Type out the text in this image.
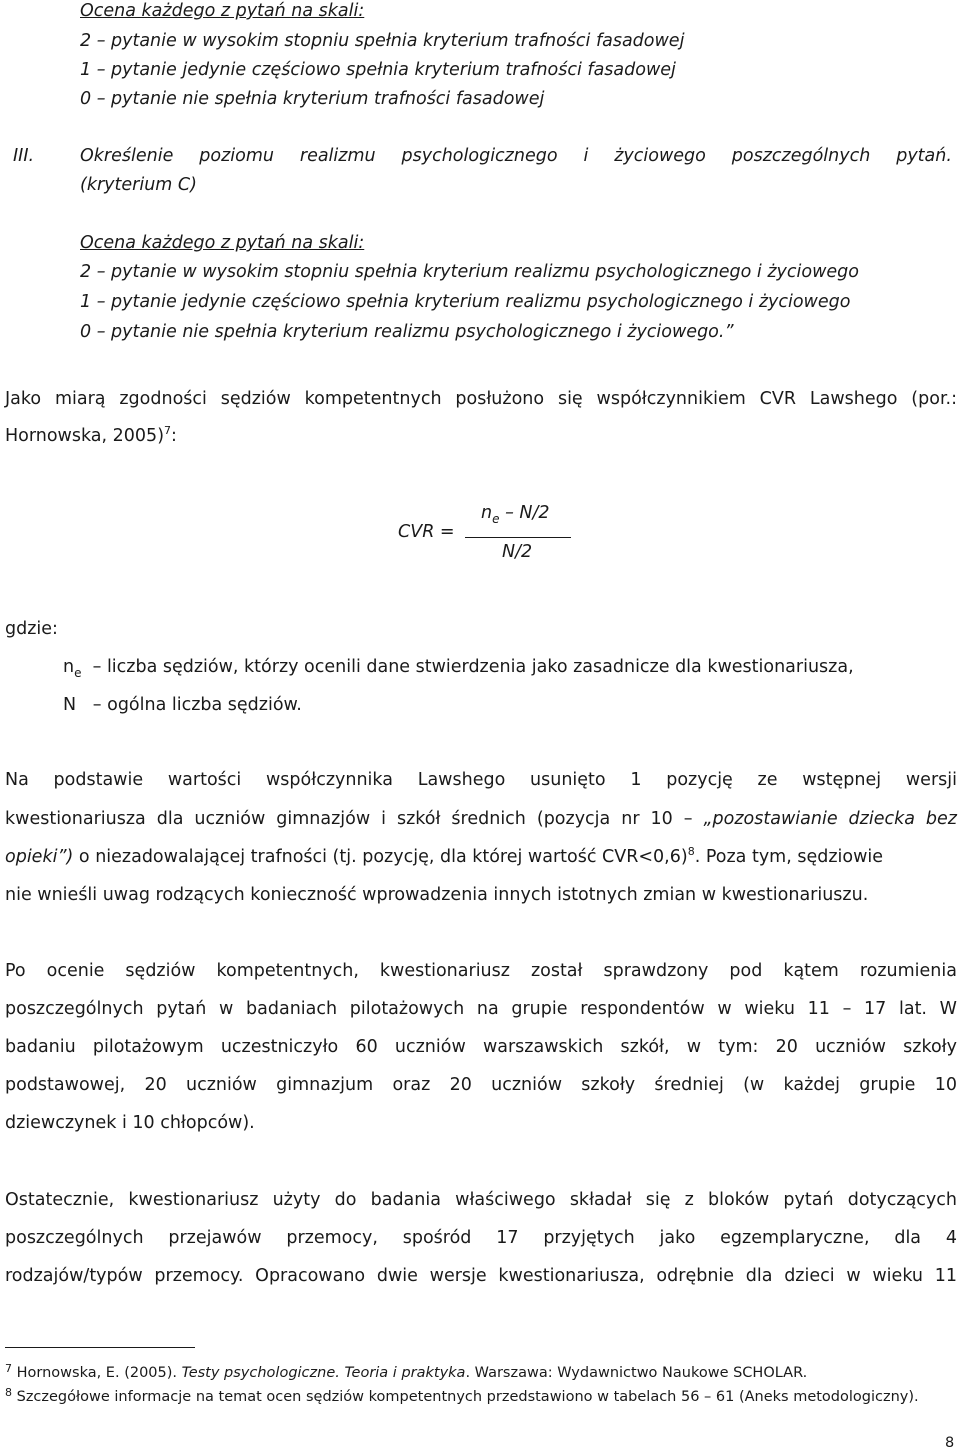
Ocena każdego z pytań na skali:
2 – pytanie w wysokim stopniu spełnia kryterium trafności fasadowej
1 – pytanie jedynie częściowo spełnia kryterium trafności fasadowej
0 – pytanie nie spełnia kryterium trafności fasadowej
III.	Określenie poziomu realizmu psychologicznego i życiowego poszczególnych pytań.
(kryterium C)
Ocena każdego z pytań na skali:
2 – pytanie w wysokim stopniu spełnia kryterium realizmu psychologicznego i życiowego
1 – pytanie jedynie częściowo spełnia kryterium realizmu psychologicznego i życiowego
0 – pytanie nie spełnia kryterium realizmu psychologicznego i życiowego.”
Jako miarą zgodności sędziów kompetentnych posłużono się współczynnikiem CVR Lawshego (por.:
Hornowska, 2005)$^7$:
CVR =
$n_e - N/2$
N/2
gdzie:
$n_e$ – liczba sędziów, którzy ocenili dane stwierdzenia jako zasadnicze dla kwestionariusza,
N – ogólna liczba sędziów.
Na podstawie wartości współczynnika Lawshego usunięto 1 pozycję ze wstępnej wersji
kwestionariusza dla uczniów gimnazjów i szkół średnich (pozycja nr 10 – „pozostawianie dziecka bez
opieki”) o niezadowalającej trafności (tj. pozycję, dla której wartość CVR<0,6)$^8$. Poza tym, sędziowie
nie wnieśli uwag rodzących konieczność wprowadzenia innych istotnych zmian w kwestionariuszu.
Po ocenie sędziów kompetentnych, kwestionariusz został sprawdzony pod kątem rozumienia
poszczególnych pytań w badaniach pilotażowych na grupie respondentów w wieku 11 – 17 lat. W
badaniu pilotażowym uczestniczyło 60 uczniów warszawskich szkół, w tym: 20 uczniów szkoły
podstawowej, 20 uczniów gimnazjum oraz 20 uczniów szkoły średniej (w każdej grupie 10
dziewczynek i 10 chłopców).
Ostatecznie, kwestionariusz użyty do badania właściwego składał się z bloków pytań dotyczących
poszczególnych przejawów przemocy, spośród 17 przyjętych jako egzemplaryczne, dla 4
rodzajów/typów przemocy. Opracowano dwie wersje kwestionariusza, odrębnie dla dzieci w wieku 11
$^7$ Hornowska, E. (2005). Testy psychologiczne. Teoria i praktyka. Warszawa: Wydawnictwo Naukowe SCHOLAR.
$^8$ Szczegółowe informacje na temat ocen sędziów kompetentnych przedstawiono w tabelach 56 – 61 (Aneks metodologiczny).
8
